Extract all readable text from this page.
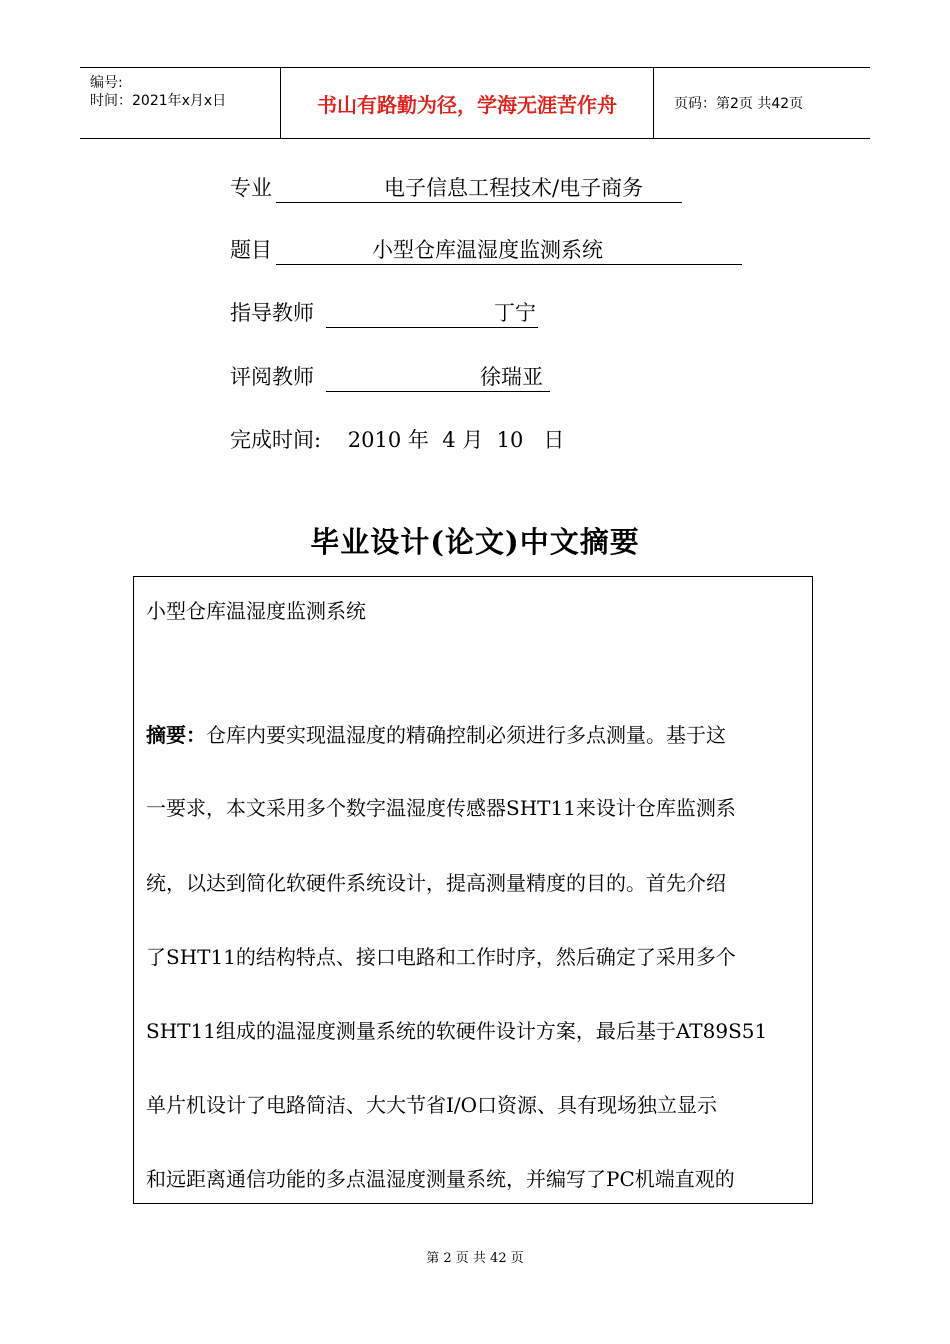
编号:
时间：2021年x月x日	书山有路勤为径，学海无涯苦作舟	页码：第2页 共42页
专业	电子信息工程技术/电子商务
题目	小型仓库温湿度监测系统
指导教师	丁宁
评阅教师	徐瑞亚
完成时间:    2010 年  4 月  10   日
毕业设计(论文)中文摘要
小型仓库温湿度监测系统
摘要：仓库内要实现温湿度的精确控制必须进行多点测量。基于这
一要求，本文采用多个数字温湿度传感器SHT11来设计仓库监测系
统，以达到简化软硬件系统设计，提高测量精度的目的。首先介绍
了SHT11的结构特点、接口电路和工作时序，然后确定了采用多个
SHT11组成的温湿度测量系统的软硬件设计方案，最后基于AT89S51
单片机设计了电路简洁、大大节省I/O口资源、具有现场独立显示
和远距离通信功能的多点温湿度测量系统，并编写了PC机端直观的
第 2 页 共 42 页
